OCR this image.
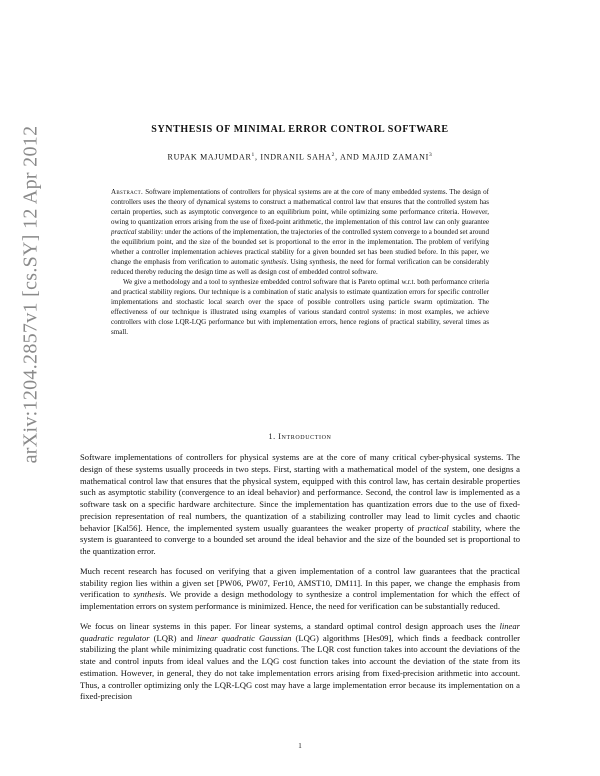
arXiv:1204.2857v1 [cs.SY] 12 Apr 2012	SYNTHESIS OF MINIMAL ERROR CONTROL SOFTWARE
RUPAK MAJUMDAR$^1$, INDRANIL SAHA$^2$, AND MAJID ZAMANI$^3$

Abstract. Software implementations of controllers for physical systems are at the core of many embedded systems. The design of controllers uses the theory of dynamical systems to construct a mathematical control law that ensures that the controlled system has certain properties, such as asymptotic convergence to an equilibrium point, while optimizing some performance criteria. However, owing to quantization errors arising from the use of fixed-point arithmetic, the implementation of this control law can only guarantee practical stability: under the actions of the implementation, the trajectories of the controlled system converge to a bounded set around the equilibrium point, and the size of the bounded set is proportional to the error in the implementation. The problem of verifying whether a controller implementation achieves practical stability for a given bounded set has been studied before. In this paper, we change the emphasis from verification to automatic synthesis. Using synthesis, the need for formal verification can be considerably reduced thereby reducing the design time as well as design cost of embedded control software.

We give a methodology and a tool to synthesize embedded control software that is Pareto optimal w.r.t. both performance criteria and practical stability regions. Our technique is a combination of static analysis to estimate quantization errors for specific controller implementations and stochastic local search over the space of possible controllers using particle swarm optimization. The effectiveness of our technique is illustrated using examples of various standard control systems: in most examples, we achieve controllers with close LQR-LQG performance but with implementation errors, hence regions of practical stability, several times as small.

1. Introduction

Software implementations of controllers for physical systems are at the core of many critical cyber-physical systems. The design of these systems usually proceeds in two steps. First, starting with a mathematical model of the system, one designs a mathematical control law that ensures that the physical system, equipped with this control law, has certain desirable properties such as asymptotic stability (convergence to an ideal behavior) and performance. Second, the control law is implemented as a software task on a specific hardware architecture. Since the implementation has quantization errors due to the use of fixed-precision representation of real numbers, the quantization of a stabilizing controller may lead to limit cycles and chaotic behavior [Kal56]. Hence, the implemented system usually guarantees the weaker property of practical stability, where the system is guaranteed to converge to a bounded set around the ideal behavior and the size of the bounded set is proportional to the quantization error.

Much recent research has focused on verifying that a given implementation of a control law guarantees that the practical stability region lies within a given set [PW06, PW07, Fer10, AMST10, DM11]. In this paper, we change the emphasis from verification to synthesis. We provide a design methodology to synthesize a control implementation for which the effect of implementation errors on system performance is minimized. Hence, the need for verification can be substantially reduced.

We focus on linear systems in this paper. For linear systems, a standard optimal control design approach uses the linear quadratic regulator (LQR) and linear quadratic Gaussian (LQG) algorithms [Hes09], which finds a feedback controller stabilizing the plant while minimizing quadratic cost functions. The LQR cost function takes into account the deviations of the state and control inputs from ideal values and the LQG cost function takes into account the deviation of the state from its estimation. However, in general, they do not take implementation errors arising from fixed-precision arithmetic into account. Thus, a controller optimizing only the LQR-LQG cost may have a large implementation error because its implementation on a fixed-precision

1
